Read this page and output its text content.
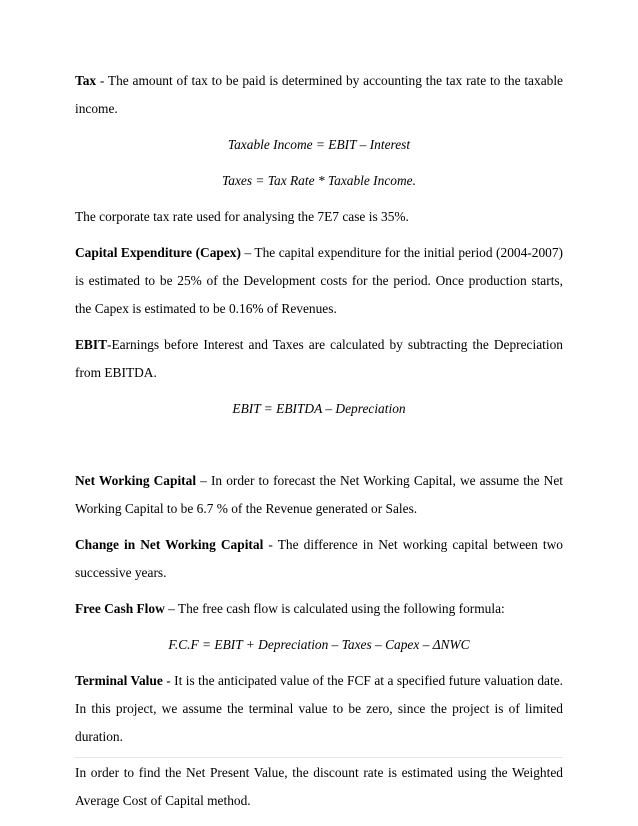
Tax - The amount of tax to be paid is determined by accounting the tax rate to the taxable income.

Taxable Income = EBIT – Interest
Taxes = Tax Rate * Taxable Income.

The corporate tax rate used for analysing the 7E7 case is 35%.

Capital Expenditure (Capex) – The capital expenditure for the initial period (2004-2007) is estimated to be 25% of the Development costs for the period. Once production starts, the Capex is estimated to be 0.16% of Revenues.

EBIT-Earnings before Interest and Taxes are calculated by subtracting the Depreciation from EBITDA.

EBIT = EBITDA – Depreciation

Net Working Capital – In order to forecast the Net Working Capital, we assume the Net Working Capital to be 6.7 % of the Revenue generated or Sales.

Change in Net Working Capital - The difference in Net working capital between two successive years.

Free Cash Flow – The free cash flow is calculated using the following formula:

F.C.F = EBIT + Depreciation – Taxes – Capex – ΔNWC

Terminal Value - It is the anticipated value of the FCF at a specified future valuation date. In this project, we assume the terminal value to be zero, since the project is of limited duration.

In order to find the Net Present Value, the discount rate is estimated using the Weighted Average Cost of Capital method.
